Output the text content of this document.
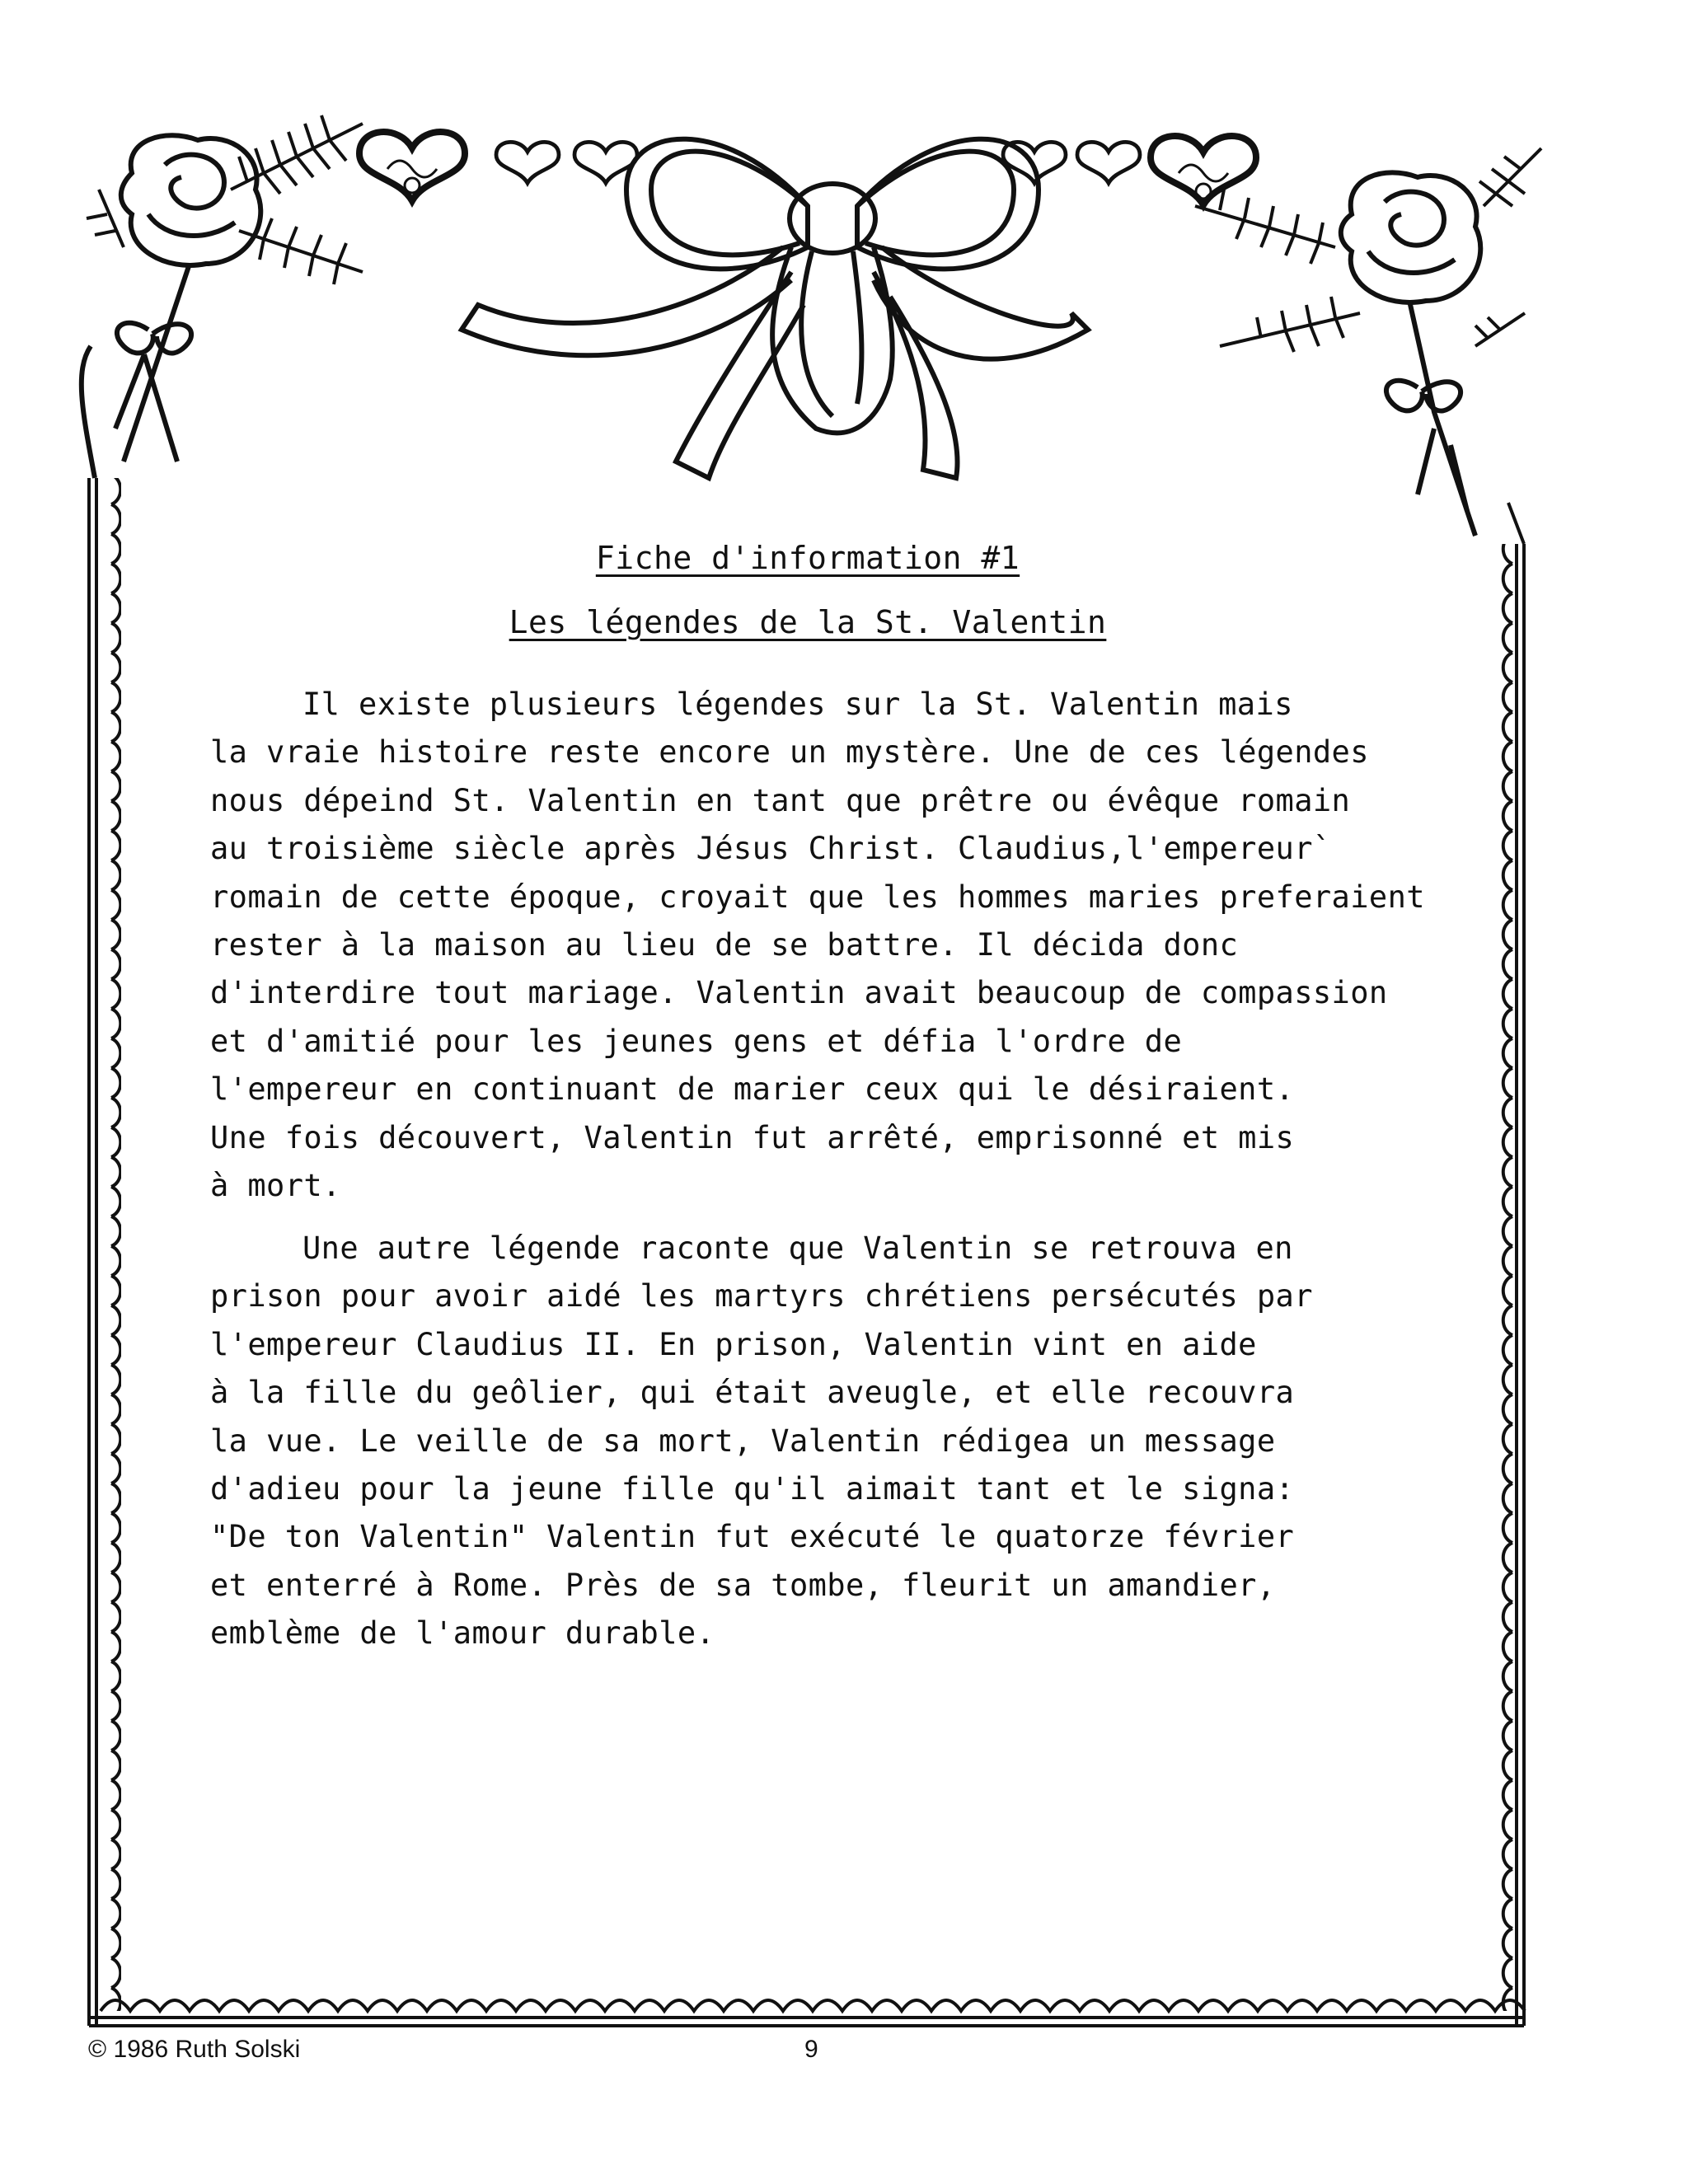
Fiche d'information #1
Les légendes de la St. Valentin

Il existe plusieurs légendes sur la St. Valentin mais
la vraie histoire reste encore un mystère. Une de ces légendes
nous dépeind St. Valentin en tant que prêtre ou évêque romain
au troisième siècle après Jésus Christ. Claudius,l'empereur`
romain de cette époque, croyait que les hommes maries preferaient
rester à la maison au lieu de se battre. Il décida donc
d'interdire tout mariage. Valentin avait beaucoup de compassion
et d'amitié pour les jeunes gens et défia l'ordre de
l'empereur en continuant de marier ceux qui le désiraient.
Une fois découvert, Valentin fut arrêté, emprisonné et mis
à mort.

Une autre légende raconte que Valentin se retrouva en
prison pour avoir aidé les martyrs chrétiens persécutés par
l'empereur Claudius II. En prison, Valentin vint en aide
à la fille du geôlier, qui était aveugle, et elle recouvra
la vue. Le veille de sa mort, Valentin rédigea un message
d'adieu pour la jeune fille qu'il aimait tant et le signa:
"De ton Valentin" Valentin fut exécuté le quatorze février
et enterré à Rome. Près de sa tombe, fleurit un amandier,
emblème de l'amour durable.

© 1986 Ruth Solski	9
